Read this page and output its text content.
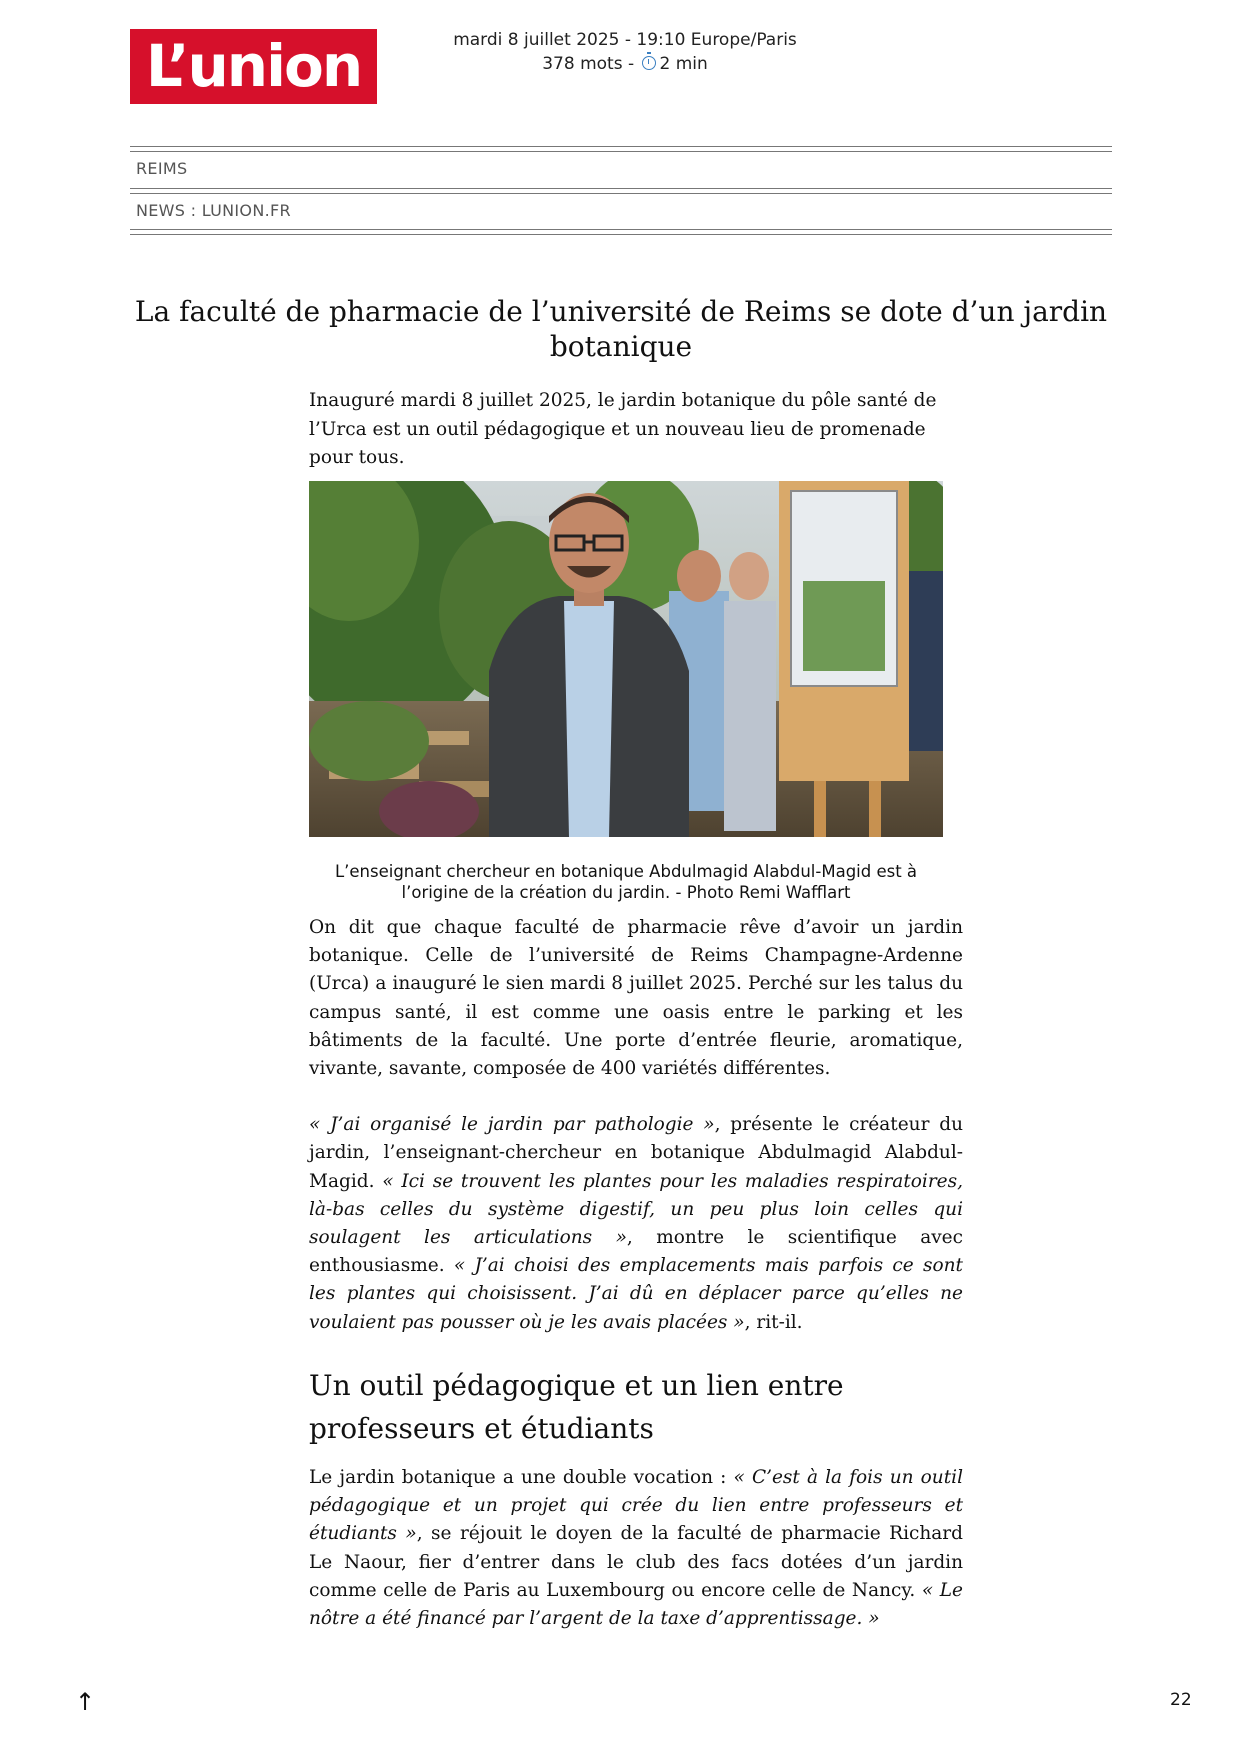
L’union	mardi 8 juillet 2025 - 19:10 Europe/Paris
378 mots - 2 min
REIMS
NEWS : LUNION.FR
La faculté de pharmacie de l’université de Reims se dote d’un jardin botanique

Inauguré mardi 8 juillet 2025, le jardin botanique du pôle santé de l’Urca est un outil pédagogique et un nouveau lieu de promenade pour tous.

L’enseignant chercheur en botanique Abdulmagid Alabdul-Magid est à l’origine de la création du jardin. - Photo Remi Wafflart

On dit que chaque faculté de pharmacie rêve d’avoir un jardin botanique. Celle de l’université de Reims Champagne-Ardenne (Urca) a inauguré le sien mardi 8 juillet 2025. Perché sur les talus du campus santé, il est comme une oasis entre le parking et les bâtiments de la faculté. Une porte d’entrée fleurie, aromatique, vivante, savante, composée de 400 variétés différentes.

« J’ai organisé le jardin par pathologie », présente le créateur du jardin, l’enseignant-chercheur en botanique Abdulmagid Alabdul-Magid. « Ici se trouvent les plantes pour les maladies respiratoires, là-bas celles du système digestif, un peu plus loin celles qui soulagent les articulations », montre le scientifique avec enthousiasme. « J’ai choisi des emplacements mais parfois ce sont les plantes qui choisissent. J’ai dû en déplacer parce qu’elles ne voulaient pas pousser où je les avais placées », rit-il.

Un outil pédagogique et un lien entre professeurs et étudiants

Le jardin botanique a une double vocation : « C’est à la fois un outil pédagogique et un projet qui crée du lien entre professeurs et étudiants », se réjouit le doyen de la faculté de pharmacie Richard Le Naour, fier d’entrer dans le club des facs dotées d’un jardin comme celle de Paris au Luxembourg ou encore celle de Nancy. « Le nôtre a été financé par l’argent de la taxe d’apprentissage. »

↑	22
